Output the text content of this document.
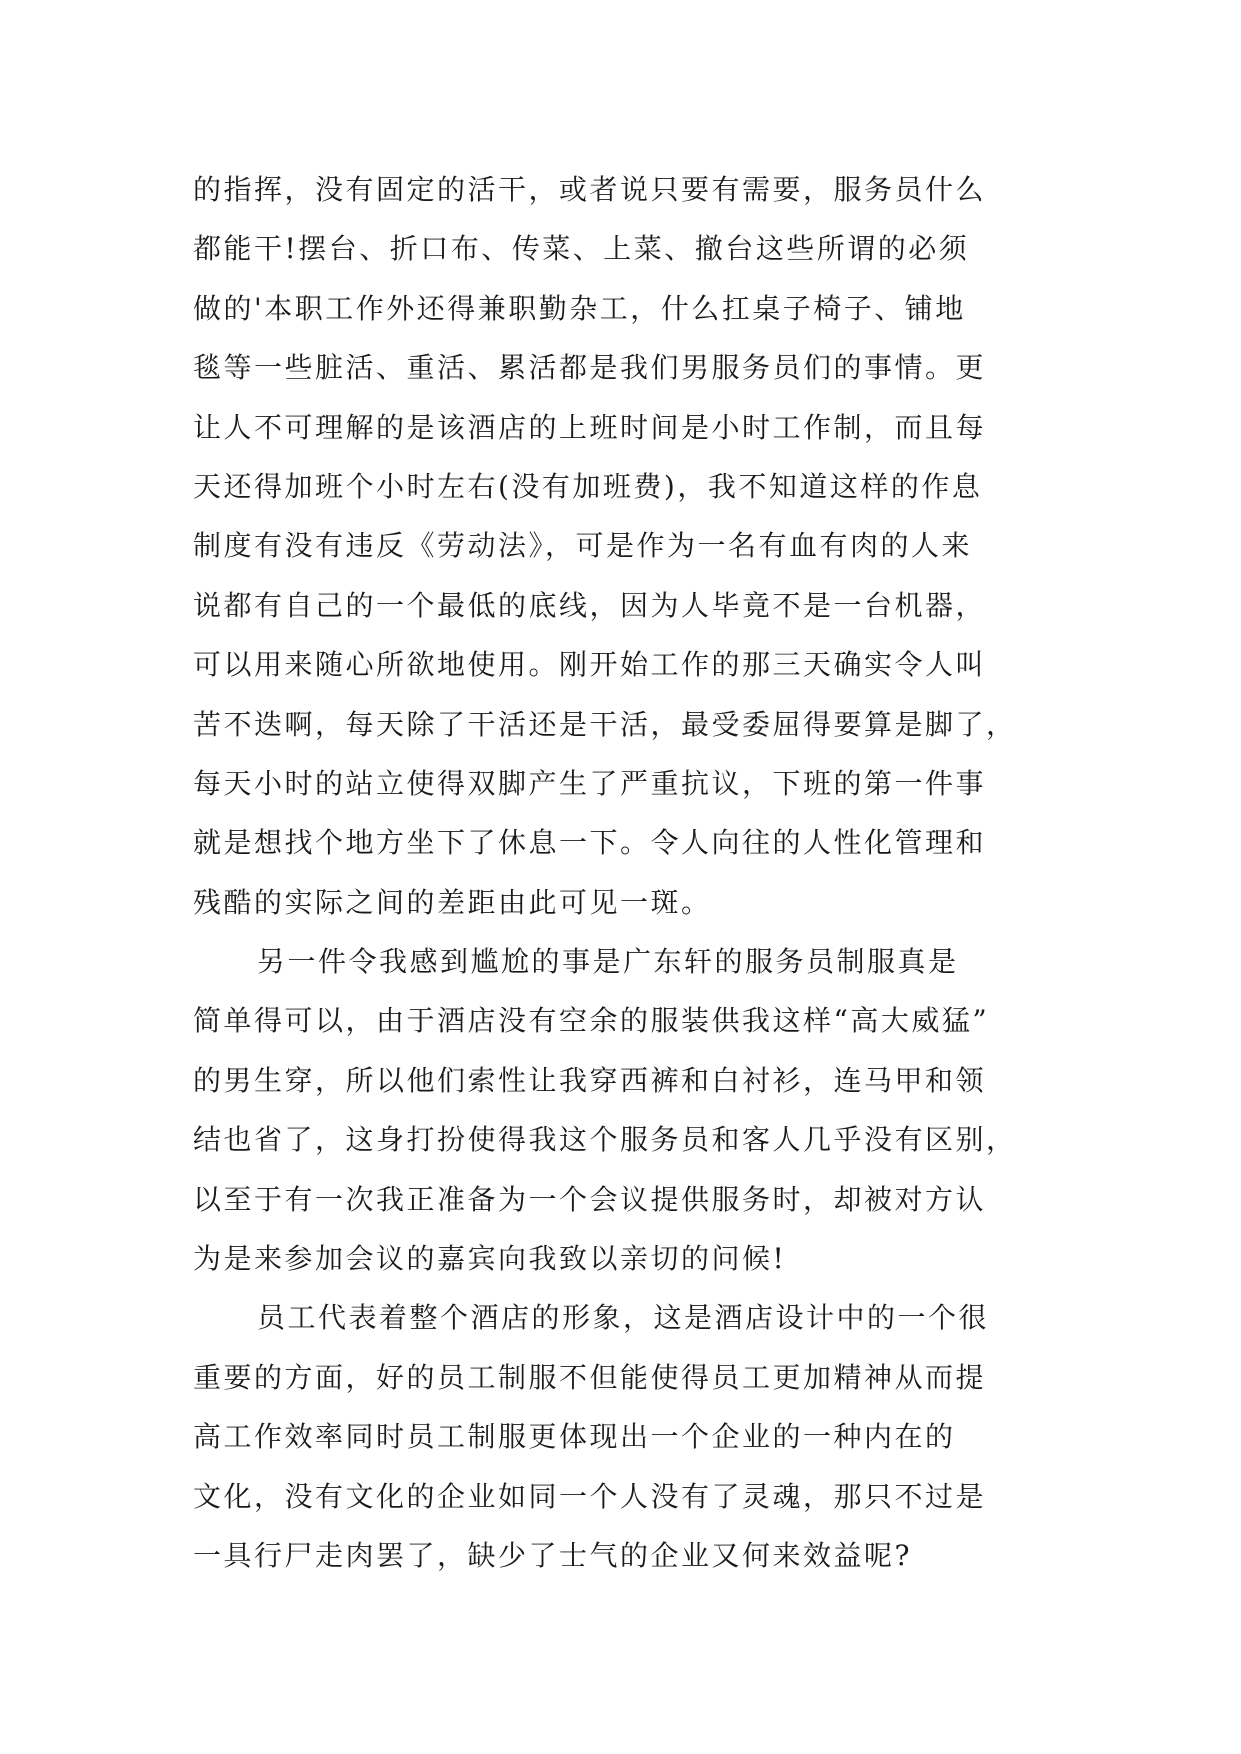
的指挥，没有固定的活干，或者说只要有需要，服务员什么
都能干!摆台、折口布、传菜、上菜、撤台这些所谓的必须
做的'本职工作外还得兼职勤杂工，什么扛桌子椅子、铺地
毯等一些脏活、重活、累活都是我们男服务员们的事情。更
让人不可理解的是该酒店的上班时间是小时工作制，而且每
天还得加班个小时左右(没有加班费)，我不知道这样的作息
制度有没有违反《劳动法》，可是作为一名有血有肉的人来
说都有自己的一个最低的底线，因为人毕竟不是一台机器，
可以用来随心所欲地使用。刚开始工作的那三天确实令人叫
苦不迭啊，每天除了干活还是干活，最受委屈得要算是脚了，
每天小时的站立使得双脚产生了严重抗议，下班的第一件事
就是想找个地方坐下了休息一下。令人向往的人性化管理和
残酷的实际之间的差距由此可见一斑。
另一件令我感到尴尬的事是广东轩的服务员制服真是
简单得可以，由于酒店没有空余的服装供我这样“高大威猛”
的男生穿，所以他们索性让我穿西裤和白衬衫，连马甲和领
结也省了，这身打扮使得我这个服务员和客人几乎没有区别，
以至于有一次我正准备为一个会议提供服务时，却被对方认
为是来参加会议的嘉宾向我致以亲切的问候!
员工代表着整个酒店的形象，这是酒店设计中的一个很
重要的方面，好的员工制服不但能使得员工更加精神从而提
高工作效率同时员工制服更体现出一个企业的一种内在的
文化，没有文化的企业如同一个人没有了灵魂，那只不过是
一具行尸走肉罢了，缺少了士气的企业又何来效益呢?
